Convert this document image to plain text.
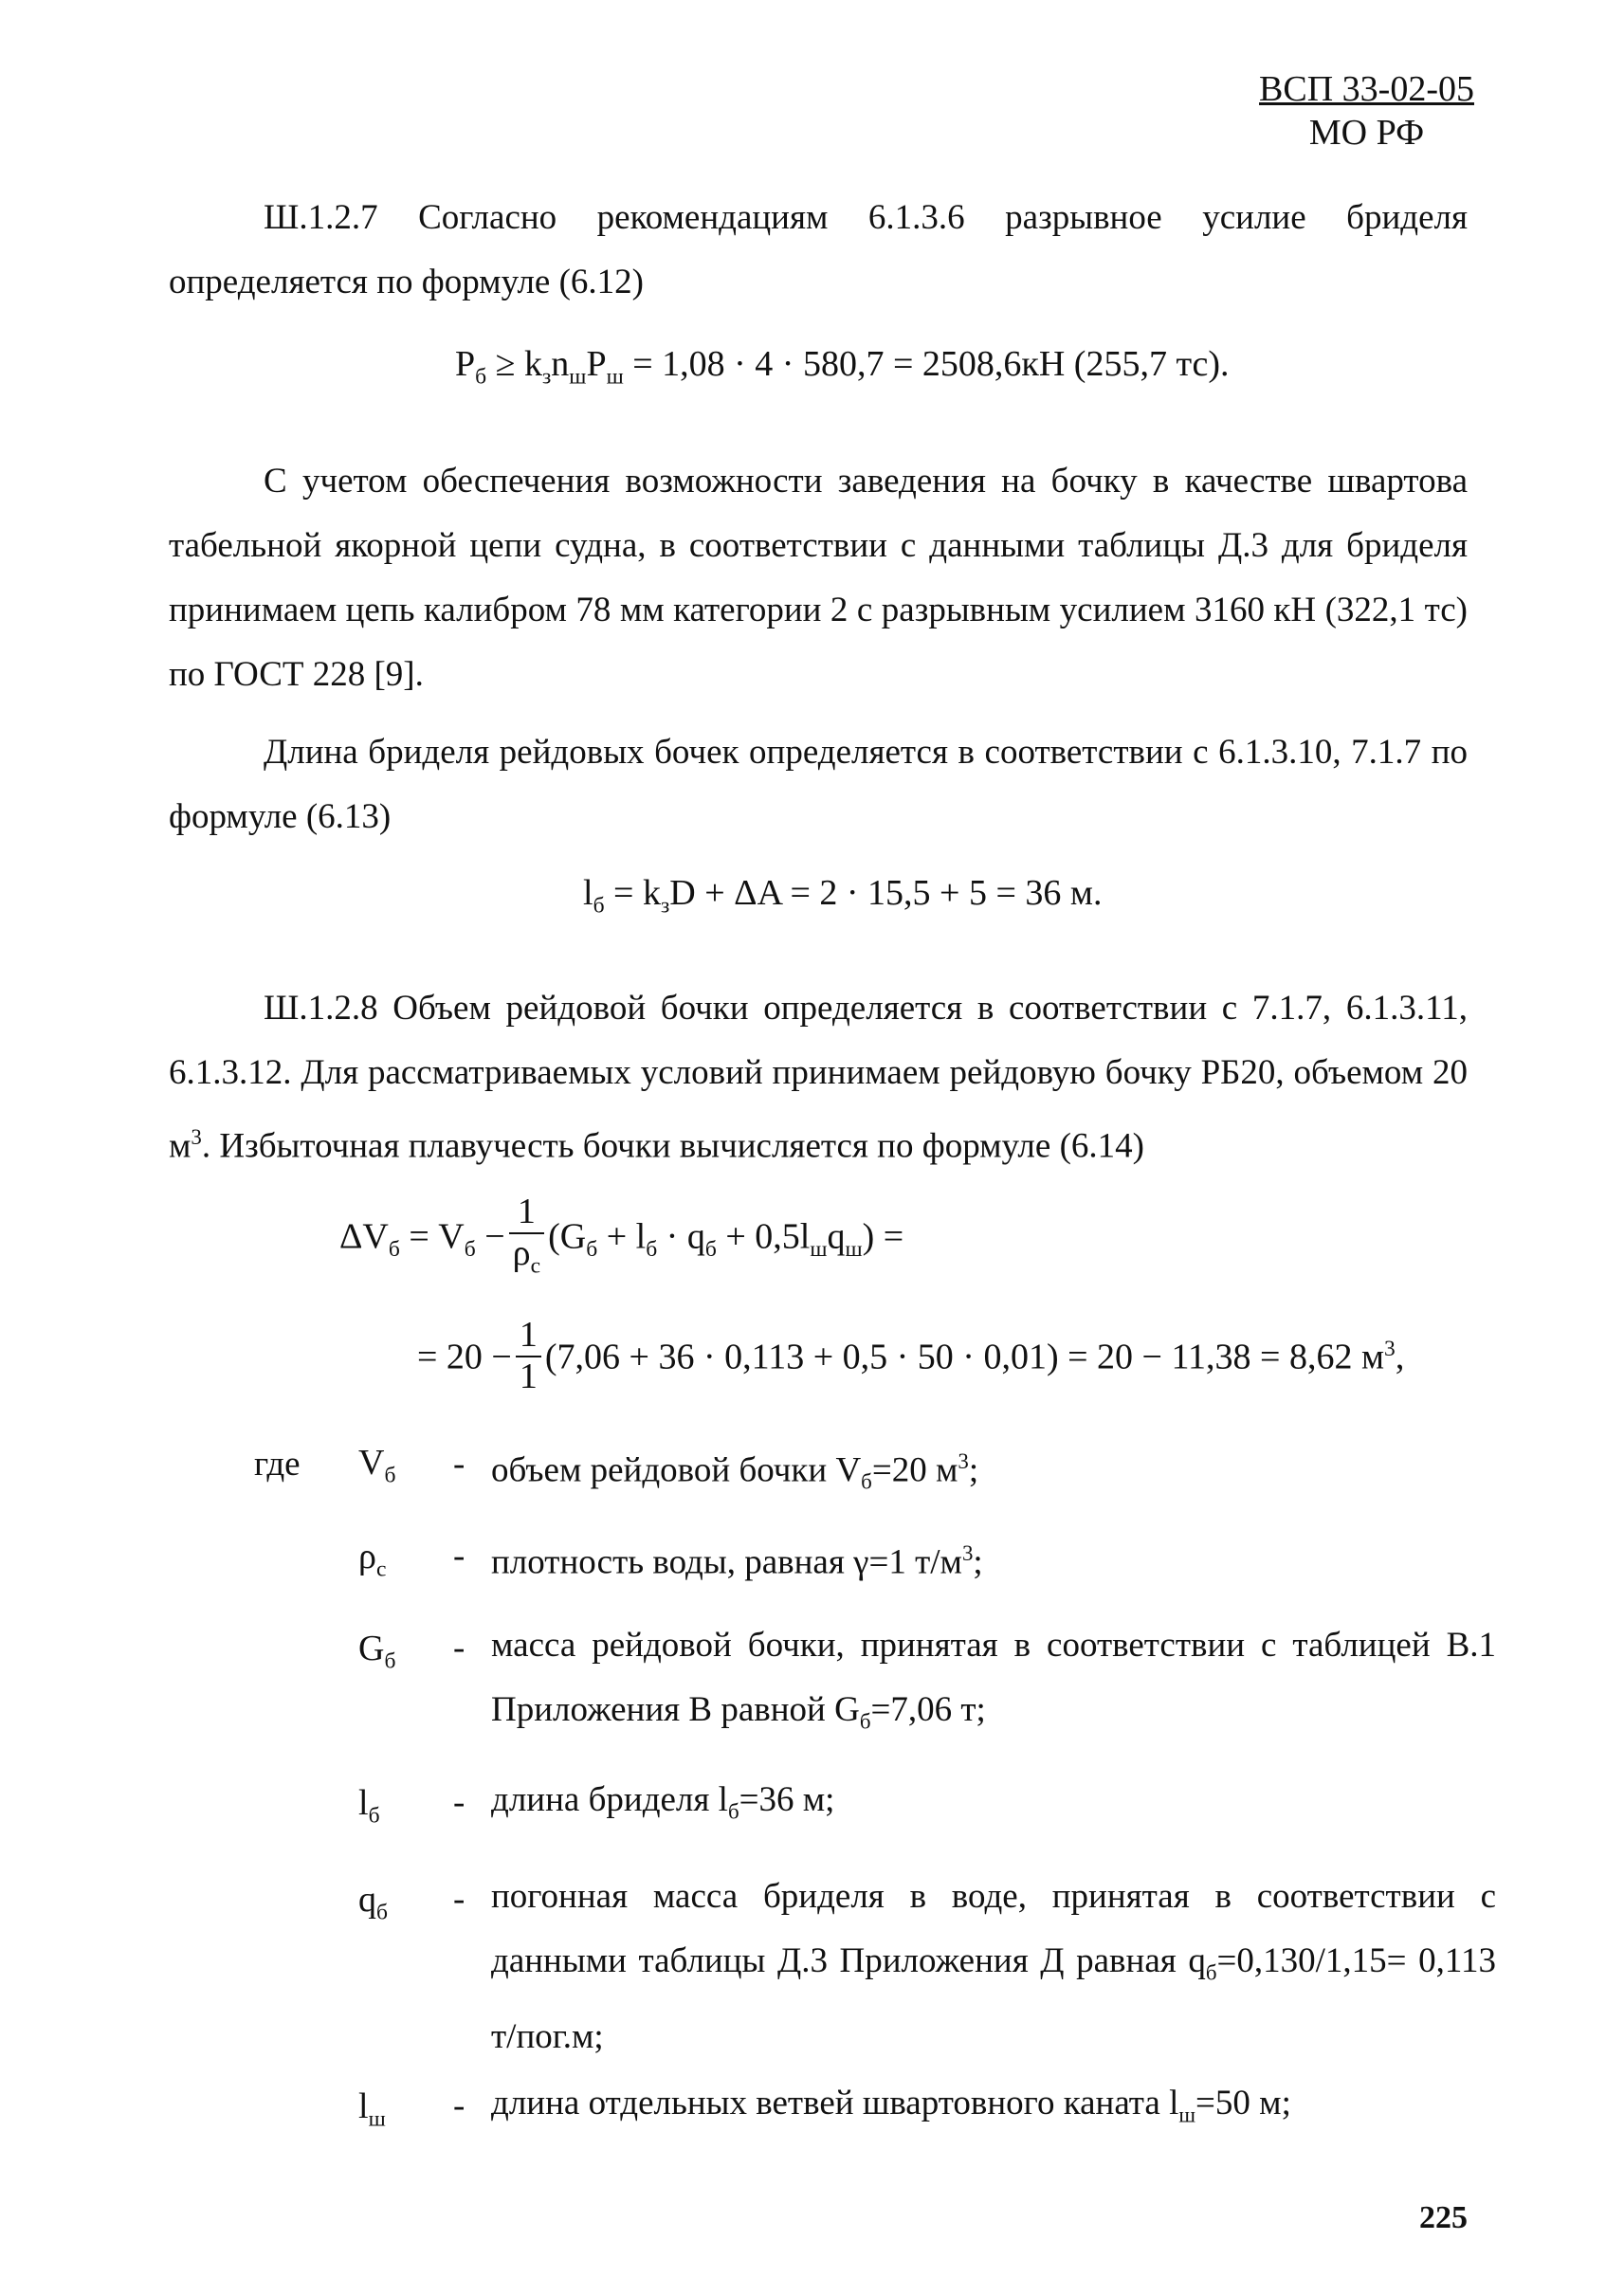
ВСП 33-02-05
МО РФ
Ш.1.2.7 Согласно рекомендациям 6.1.3.6 разрывное усилие бриделя определяется по формуле (6.12)
$P_б \ge k_зn_шP_ш = 1,08 \cdot 4 \cdot 580,7 = 2508,6кН$ (255,7 тс).
С учетом обеспечения возможности заведения на бочку в качестве швартова табельной якорной цепи судна, в соответствии с данными таблицы Д.3 для бриделя принимаем цепь калибром 78 мм категории 2 с разрывным усилием 3160 кН (322,1 тс) по ГОСТ 228 [9].
Длина бриделя рейдовых бочек определяется в соответствии с 6.1.3.10, 7.1.7 по формуле (6.13)
$l_б = k_зD + \Delta A = 2 \cdot 15,5 + 5 = 36$ м.
Ш.1.2.8 Объем рейдовой бочки определяется в соответствии с 7.1.7, 6.1.3.11, 6.1.3.12. Для рассматриваемых условий принимаем рейдовую бочку РБ20, объемом 20 $м^3$. Избыточная плавучесть бочки вычисляется по формуле (6.14)
$\Delta V_б = V_б - \frac{1}{\rho_c} (G_б + l_б \cdot q_б + 0,5l_шq_ш)$ =
= $20 - \frac{1}{1} (7,06 + 36 \cdot 0,113 + 0,5 \cdot 50 \cdot 0,01) = 20 - 11,38 = 8,62$ $м^3$,
где $V_б$ - объем рейдовой бочки $V_б=20$ $м^3$;
$\rho_c$ - плотность воды, равная γ=1 $т/м^3$;
$G_б$ - масса рейдовой бочки, принятая в соответствии с таблицей В.1 Приложения В равной $G_б=7,06$ т;
$l_б$ - длина бриделя $l_б=36$ м;
$q_б$ - погонная масса бриделя в воде, принятая в соответствии с данными таблицы Д.3 Приложения Д равная $q_б=0,130/1,15= 0,113$ т/пог.м;
$l_ш$ - длина отдельных ветвей швартовного каната $l_ш=50$ м;
225
